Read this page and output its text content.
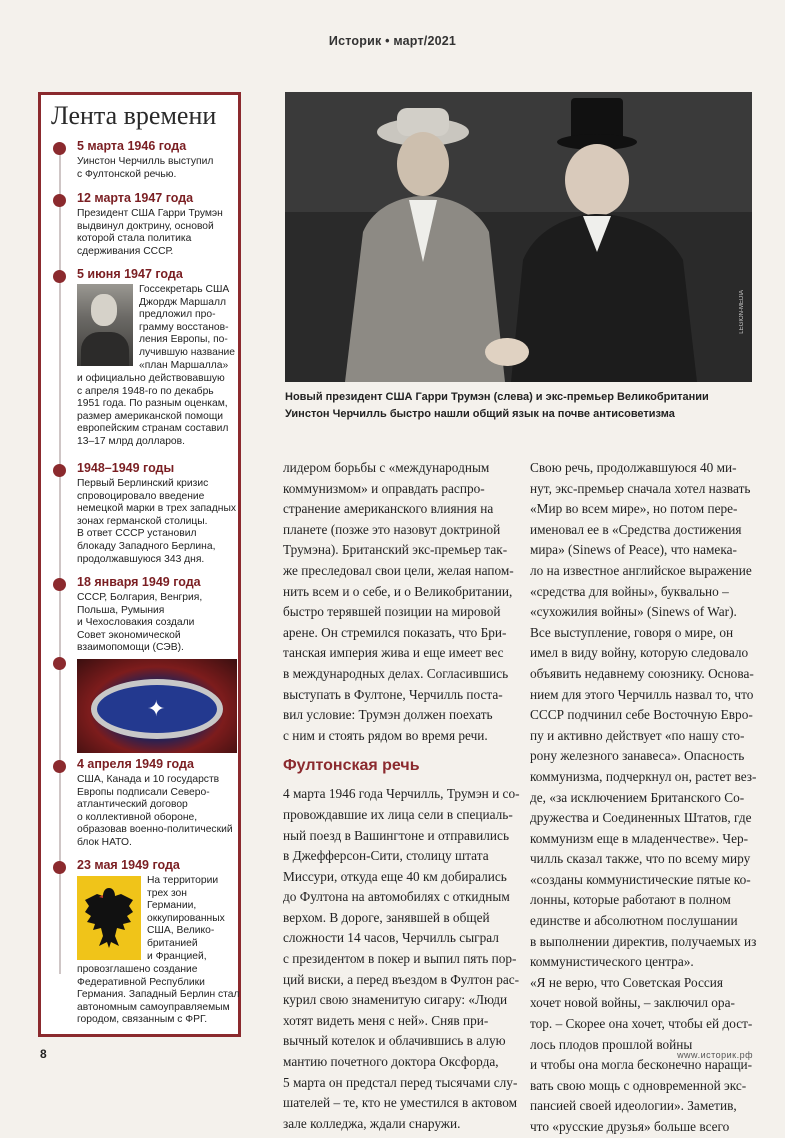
Историк • март/2021
Лента времени
5 марта 1946 года
Уинстон Черчилль выступил
с Фултонской речью.
12 марта 1947 года
Президент США Гарри Трумэн
выдвинул доктрину, основой
которой стала политика
сдерживания СССР.
5 июня 1947 года
Госсекретарь США
Джордж Маршалл
предложил про-
грамму восстанов-
ления Европы, по-
лучившую название
«план Маршалла»
и официально действовавшую
с апреля 1948-го по декабрь
1951 года. По разным оценкам,
размер американской помощи
европейским странам составил
13–17 млрд долларов.
1948–1949 годы
Первый Берлинский кризис
спровоцировало введение
немецкой марки в трех западных
зонах германской столицы.
В ответ СССР установил
блокаду Западного Берлина,
продолжавшуюся 343 дня.
18 января 1949 года
СССР, Болгария, Венгрия,
Польша, Румыния
и Чехословакия создали
Совет экономической
взаимопомощи (СЭВ).
✦
4 апреля 1949 года
США, Канада и 10 государств
Европы подписали Северо-
атлантический договор
о коллективной обороне,
образовав военно-политический
блок НАТО.
23 мая 1949 года
На территории
трех зон
Германии,
оккупированных
США, Велико-
британией
и Францией,
провозглашено создание
Федеративной Республики
Германия. Западный Берлин стал
автономным самоуправляемым
городом, связанным с ФРГ.
LEGION-MEDIA
Новый президент США Гарри Трумэн (слева) и экс-премьер Великобритании
Уинстон Черчилль быстро нашли общий язык на почве антисоветизма
лидером борьбы с «международным
коммунизмом» и оправдать распро-
странение американского влияния на
планете (позже это назовут доктриной
Трумэна). Британский экс-премьер так-
же преследовал свои цели, желая напом-
нить всем и о себе, и о Великобритании,
быстро терявшей позиции на мировой
арене. Он стремился показать, что Бри-
танская империя жива и еще имеет вес
в международных делах. Согласившись
выступать в Фултоне, Черчилль поста-
вил условие: Трумэн должен поехать
с ним и стоять рядом во время речи.
Фултонская речь
4 марта 1946 года Черчилль, Трумэн и со-
провождавшие их лица сели в специаль-
ный поезд в Вашингтоне и отправились
в Джефферсон-Сити, столицу штата
Миссури, откуда еще 40 км добирались
до Фултона на автомобилях с откидным
верхом. В дороге, занявшей в общей
сложности 14 часов, Черчилль сыграл
с президентом в покер и выпил пять пор-
ций виски, а перед въездом в Фултон рас-
курил свою знаменитую сигару: «Люди
хотят видеть меня с ней». Сняв при-
вычный котелок и облачившись в алую
мантию почетного доктора Оксфорда,
5 марта он предстал перед тысячами слу-
шателей – те, кто не уместился в актовом
зале колледжа, ждали снаружи.
Свою речь, продолжавшуюся 40 ми-
нут, экс-премьер сначала хотел назвать
«Мир во всем мире», но потом пере-
именовал ее в «Средства достижения
мира» (Sinews of Peace), что намека-
ло на известное английское выражение
«средства для войны», буквально –
«сухожилия войны» (Sinews of War).
Все выступление, говоря о мире, он
имел в виду войну, которую следовало
объявить недавнему союзнику. Основа-
нием для этого Черчилль назвал то, что
СССР подчинил себе Восточную Евро-
пу и активно действует «по нашу сто-
рону железного занавеса». Опасность
коммунизма, подчеркнул он, растет вез-
де, «за исключением Британского Со-
дружества и Соединенных Штатов, где
коммунизм еще в младенчестве». Чер-
чилль сказал также, что по всему миру
«созданы коммунистические пятые ко-
лонны, которые работают в полном
единстве и абсолютном послушании
в выполнении директив, получаемых из
коммунистического центра».
«Я не верю, что Советская Россия
хочет новой войны, – заключил ора-
тор. – Скорее она хочет, чтобы ей дост-
лось плодов прошлой войны
и чтобы она могла бесконечно наращи-
вать свою мощь с одновременной экс-
пансией своей идеологии». Заметив,
что «русские друзья» больше всего
8	www.историк.рф
